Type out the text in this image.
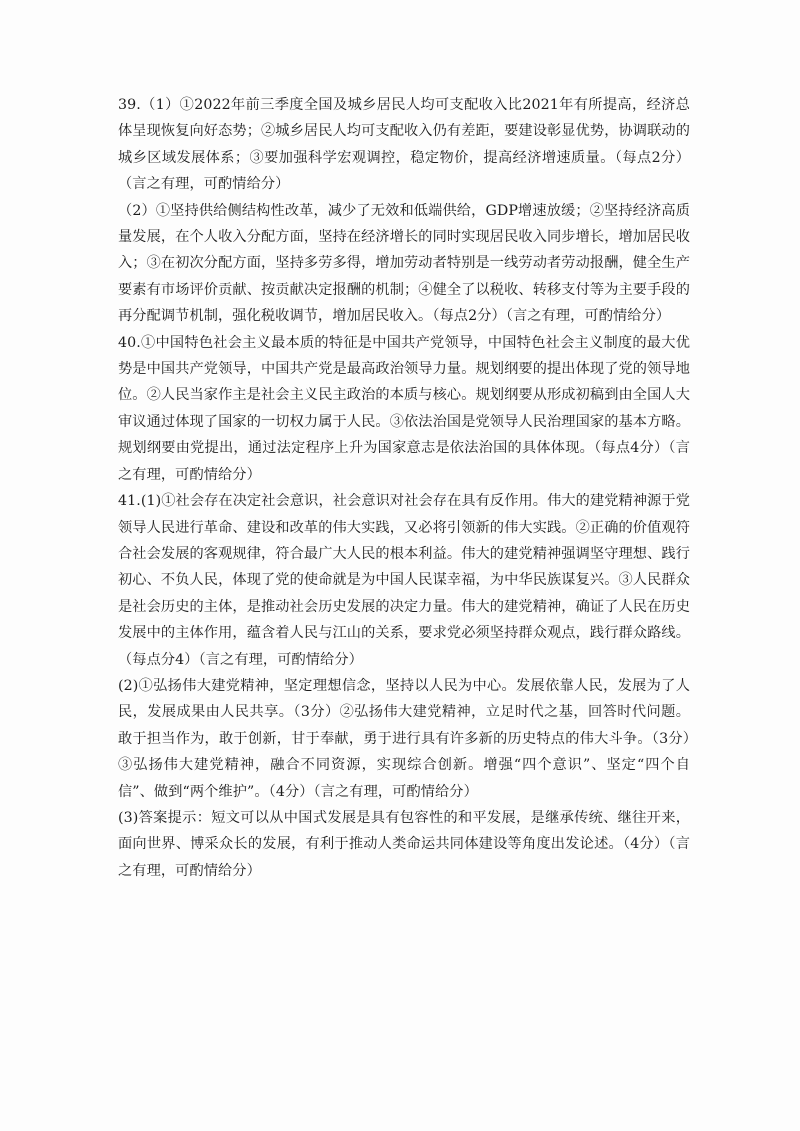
39.（1）①2022年前三季度全国及城乡居民人均可支配收入比2021年有所提高，经济总体呈现恢复向好态势；②城乡居民人均可支配收入仍有差距，要建设彰显优势，协调联动的城乡区域发展体系；③要加强科学宏观调控，稳定物价，提高经济增速质量。（每点2分）（言之有理，可酌情给分）

（2）①坚持供给侧结构性改革，减少了无效和低端供给，GDP增速放缓；②坚持经济高质量发展，在个人收入分配方面，坚持在经济增长的同时实现居民收入同步增长，增加居民收入；③在初次分配方面，坚持多劳多得，增加劳动者特别是一线劳动者劳动报酬，健全生产要素有市场评价贡献、按贡献决定报酬的机制；④健全了以税收、转移支付等为主要手段的再分配调节机制，强化税收调节，增加居民收入。（每点2分）（言之有理，可酌情给分）

40.①中国特色社会主义最本质的特征是中国共产党领导，中国特色社会主义制度的最大优势是中国共产党领导，中国共产党是最高政治领导力量。规划纲要的提出体现了党的领导地位。②人民当家作主是社会主义民主政治的本质与核心。规划纲要从形成初稿到由全国人大审议通过体现了国家的一切权力属于人民。③依法治国是党领导人民治理国家的基本方略。规划纲要由党提出，通过法定程序上升为国家意志是依法治国的具体体现。（每点4分）（言之有理，可酌情给分）

41.(1)①社会存在决定社会意识，社会意识对社会存在具有反作用。伟大的建党精神源于党领导人民进行革命、建设和改革的伟大实践，又必将引领新的伟大实践。②正确的价值观符合社会发展的客观规律，符合最广大人民的根本利益。伟大的建党精神强调坚守理想、践行初心、不负人民，体现了党的使命就是为中国人民谋幸福，为中华民族谋复兴。③人民群众是社会历史的主体，是推动社会历史发展的决定力量。伟大的建党精神，确证了人民在历史发展中的主体作用，蕴含着人民与江山的关系，要求党必须坚持群众观点，践行群众路线。（每点分4）（言之有理，可酌情给分）

(2)①弘扬伟大建党精神，坚定理想信念，坚持以人民为中心。发展依靠人民，发展为了人民，发展成果由人民共享。（3分）②弘扬伟大建党精神，立足时代之基，回答时代问题。敢于担当作为，敢于创新，甘于奉献，勇于进行具有许多新的历史特点的伟大斗争。（3分）③弘扬伟大建党精神，融合不同资源，实现综合创新。增强“四个意识”、坚定“四个自信”、做到“两个维护”。（4分）（言之有理，可酌情给分）

(3)答案提示：短文可以从中国式发展是具有包容性的和平发展，是继承传统、继往开来，面向世界、博采众长的发展，有利于推动人类命运共同体建设等角度出发论述。（4分）（言之有理，可酌情给分）
